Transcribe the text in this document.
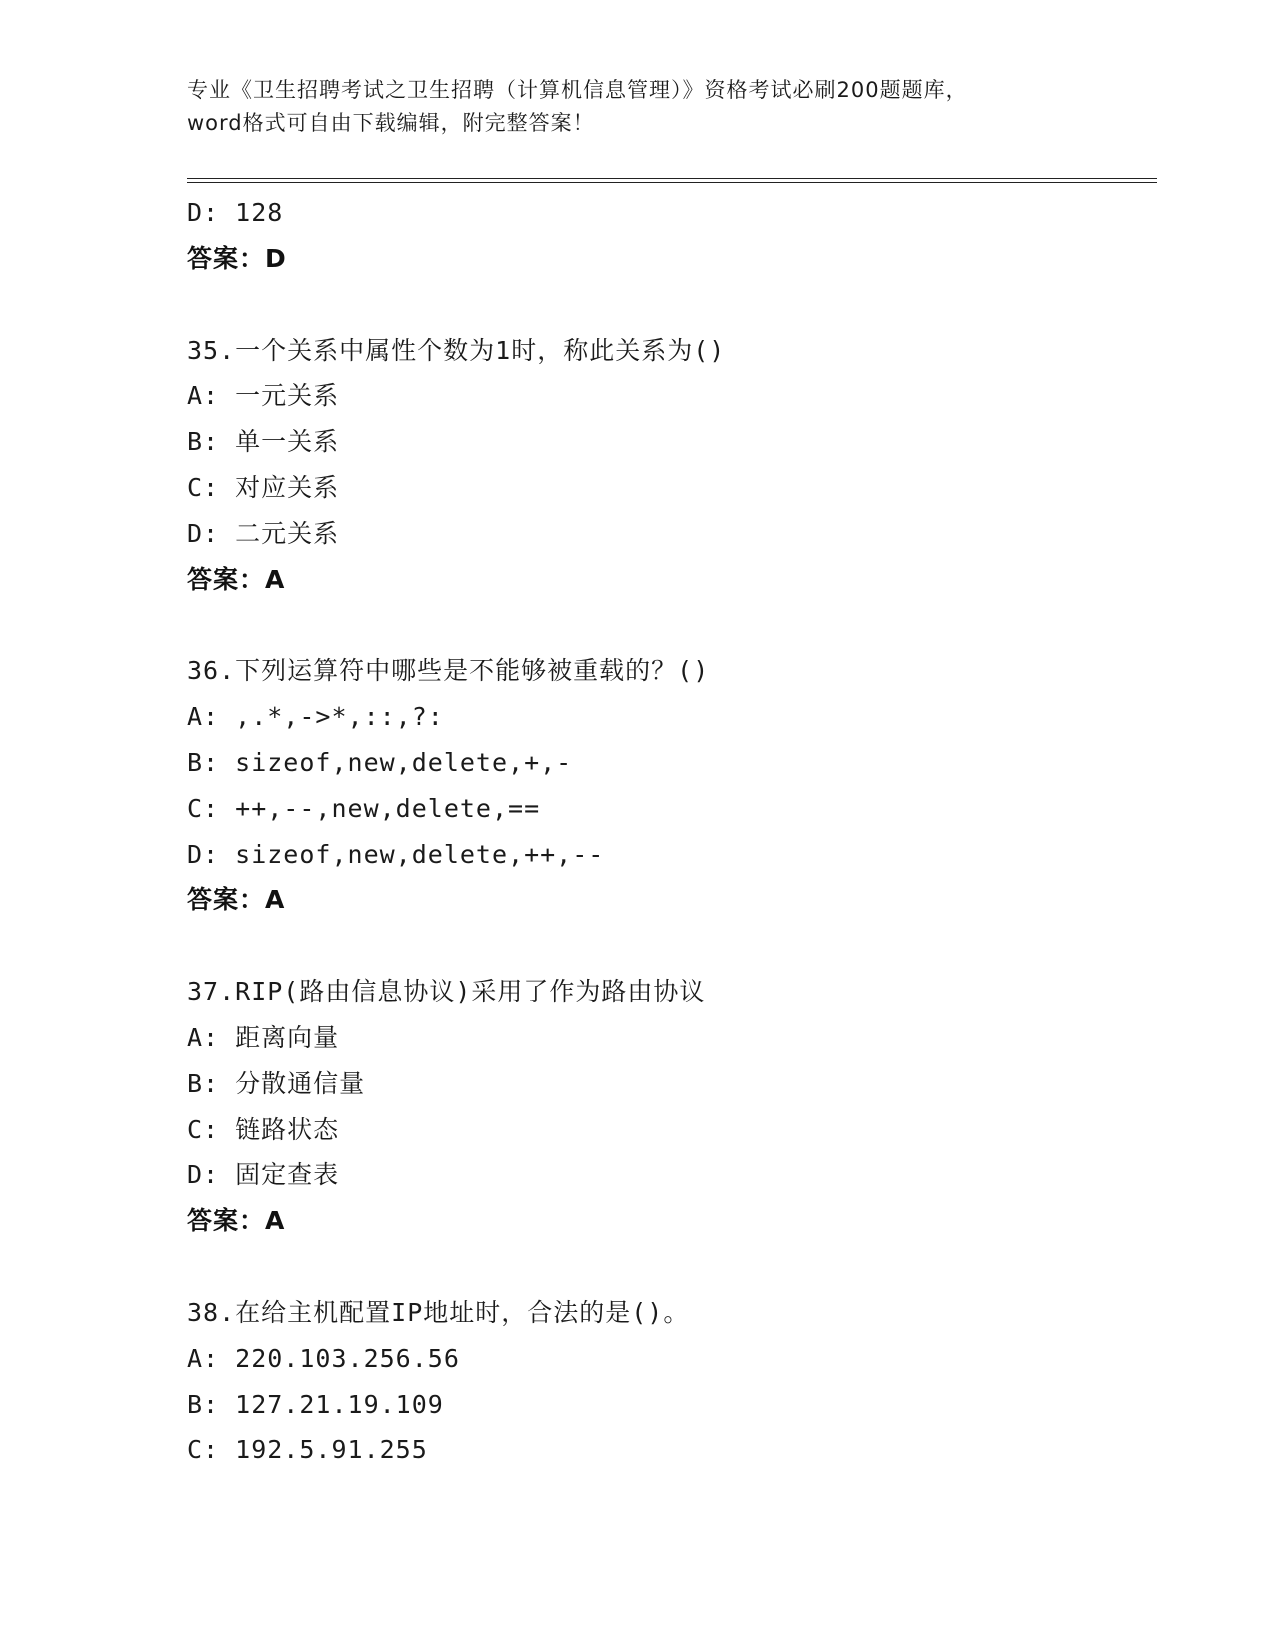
专业《卫生招聘考试之卫生招聘（计算机信息管理）》资格考试必刷200题题库，
word格式可自由下载编辑，附完整答案！
D: 128
答案：D
35.一个关系中属性个数为1时，称此关系为()
A: 一元关系
B: 单一关系
C: 对应关系
D: 二元关系
答案：A
36.下列运算符中哪些是不能够被重载的？()
A: ,.*,->*,::,?:
B: sizeof,new,delete,+,-
C: ++,--,new,delete,==
D: sizeof,new,delete,++,--
答案：A
37.RIP(路由信息协议)采用了作为路由协议
A: 距离向量
B: 分散通信量
C: 链路状态
D: 固定查表
答案：A
38.在给主机配置IP地址时，合法的是()。
A: 220.103.256.56
B: 127.21.19.109
C: 192.5.91.255
